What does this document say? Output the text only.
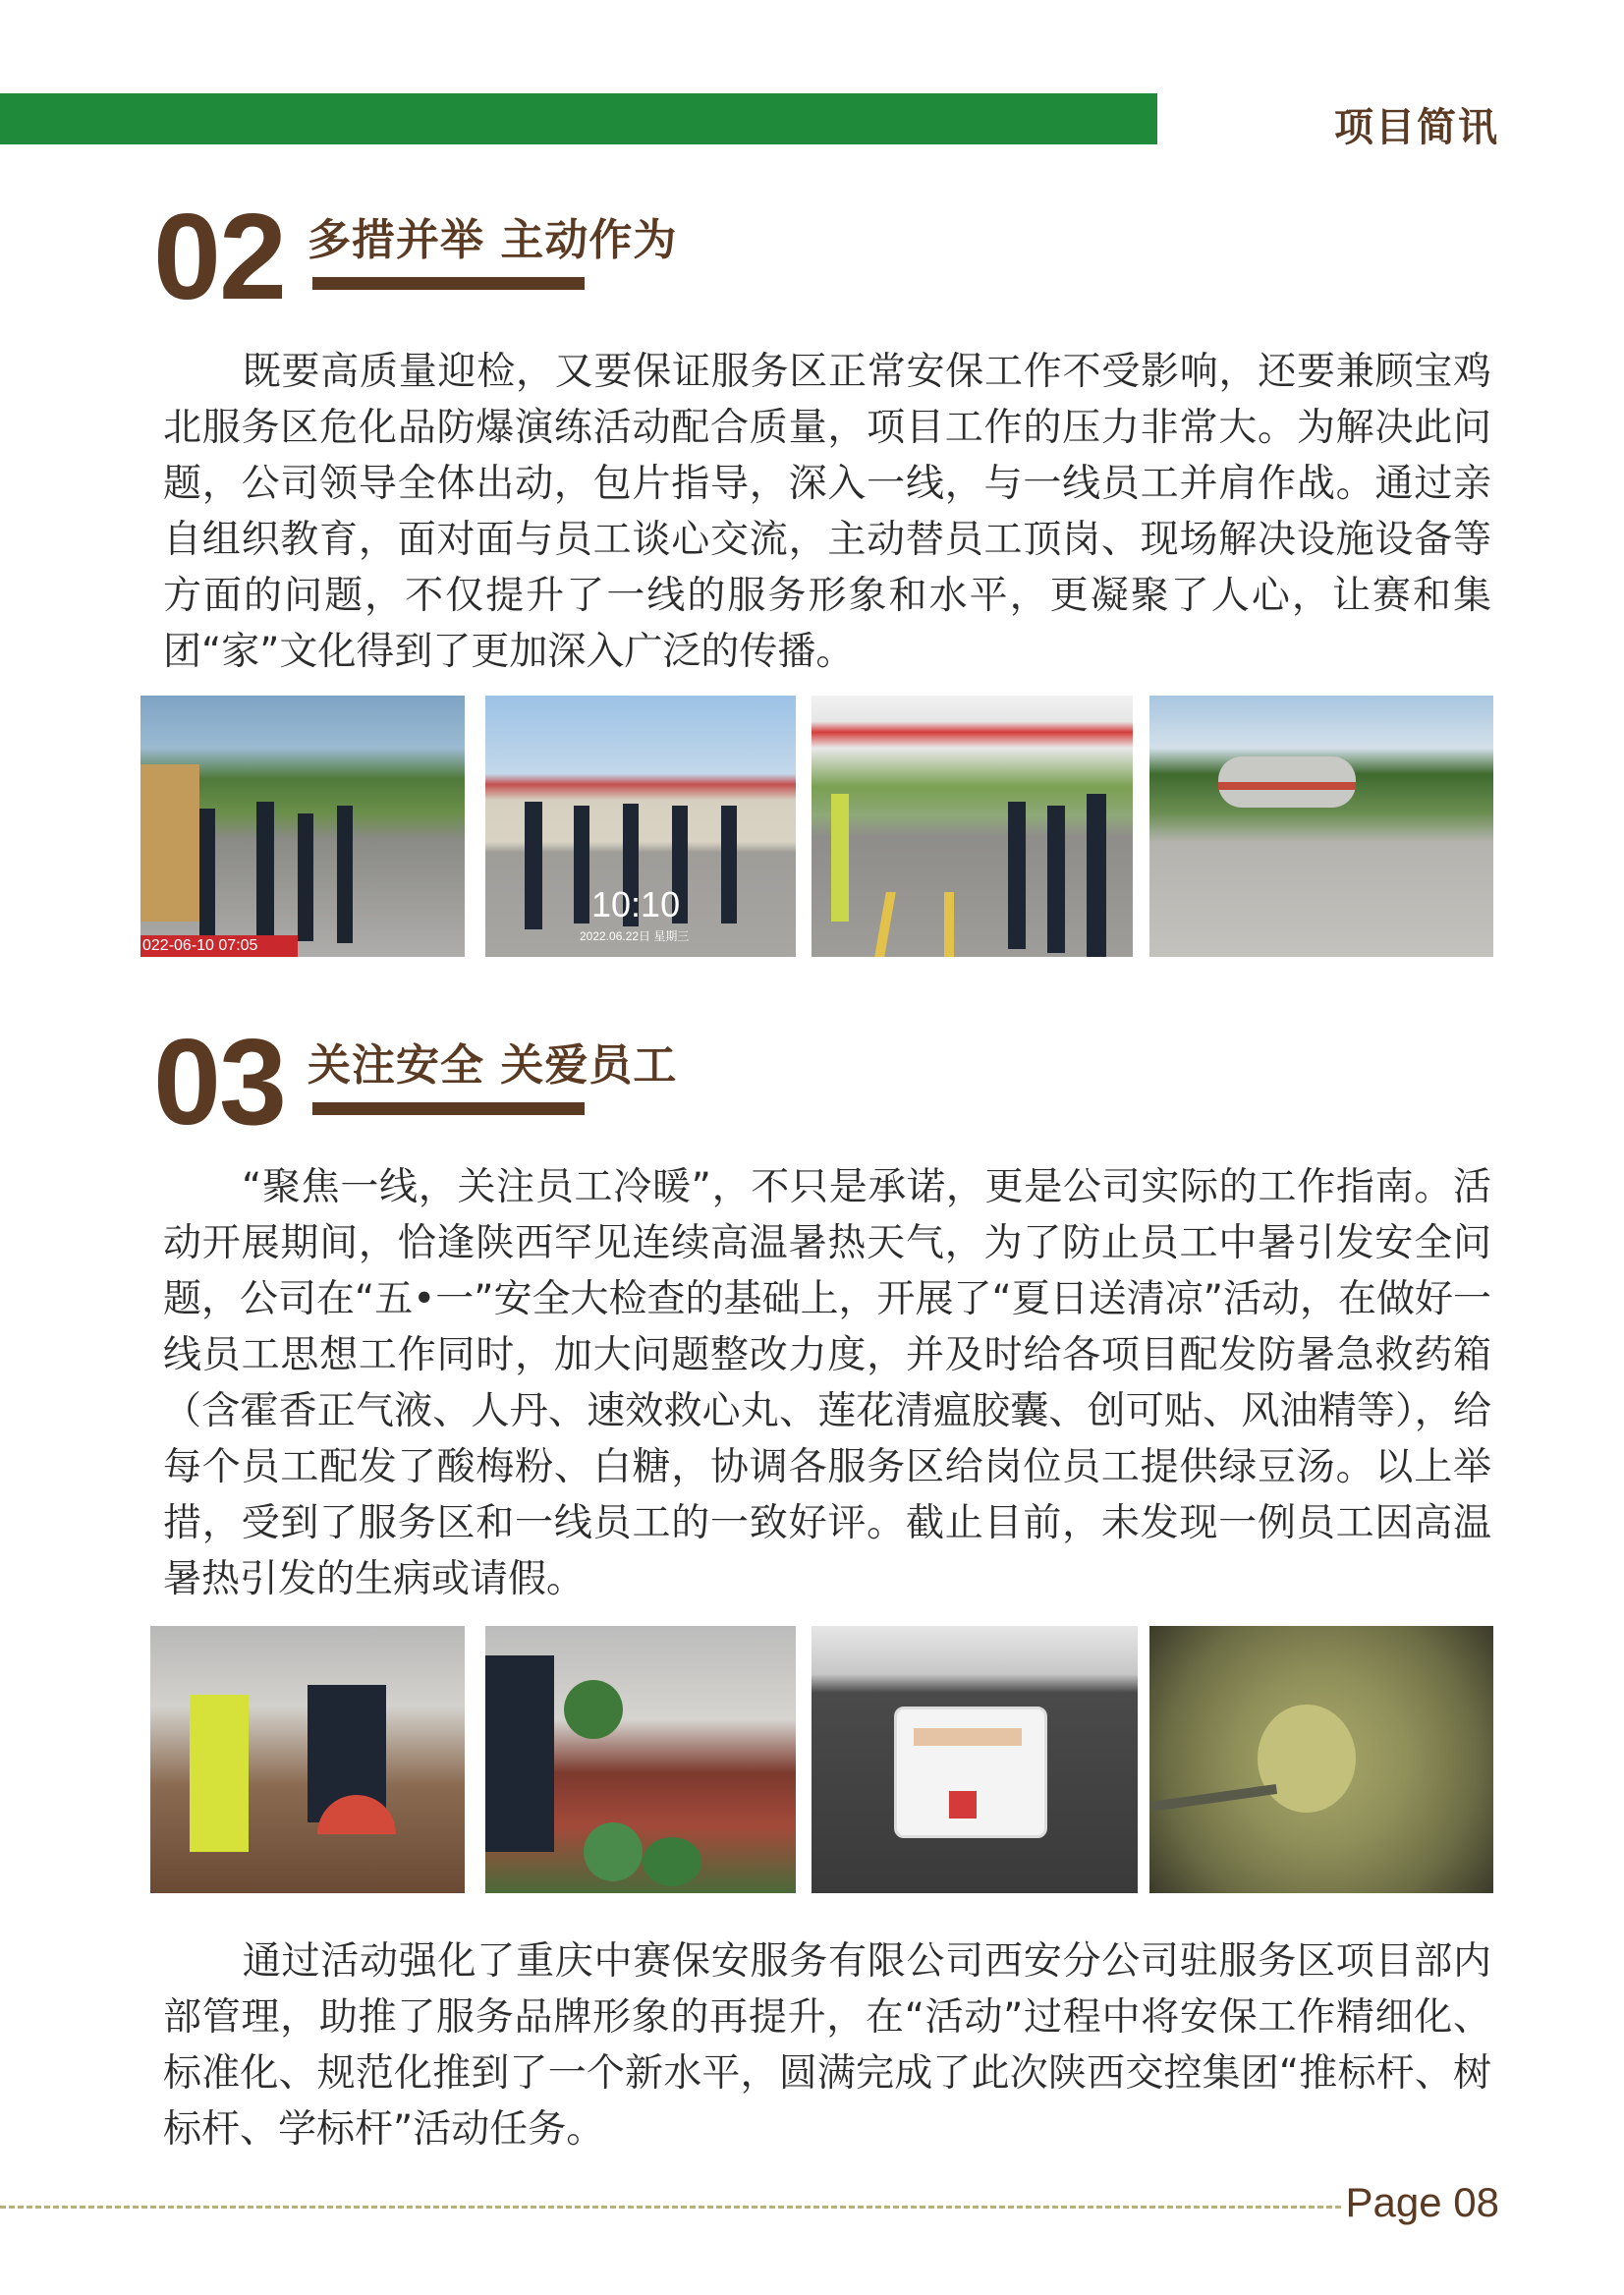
项目简讯
02 多措并举 主动作为
既要高质量迎检，又要保证服务区正常安保工作不受影响，还要兼顾宝鸡北服务区危化品防爆演练活动配合质量，项目工作的压力非常大。为解决此问题，公司领导全体出动，包片指导，深入一线，与一线员工并肩作战。通过亲自组织教育，面对面与员工谈心交流，主动替员工顶岗、现场解决设施设备等方面的问题，不仅提升了一线的服务形象和水平，更凝聚了人心，让赛和集团“家”文化得到了更加深入广泛的传播。
022-06-10 07:05
10:10
2022.06.22日 星期三
03 关注安全 关爱员工
“聚焦一线，关注员工冷暖”，不只是承诺，更是公司实际的工作指南。活动开展期间，恰逢陕西罕见连续高温暑热天气，为了防止员工中暑引发安全问题，公司在“五•一”安全大检查的基础上，开展了“夏日送清凉”活动，在做好一线员工思想工作同时，加大问题整改力度，并及时给各项目配发防暑急救药箱（含霍香正气液、人丹、速效救心丸、莲花清瘟胶囊、创可贴、风油精等），给每个员工配发了酸梅粉、白糖，协调各服务区给岗位员工提供绿豆汤。以上举措，受到了服务区和一线员工的一致好评。截止目前，未发现一例员工因高温暑热引发的生病或请假。
通过活动强化了重庆中赛保安服务有限公司西安分公司驻服务区项目部内部管理，助推了服务品牌形象的再提升，在“活动”过程中将安保工作精细化、标准化、规范化推到了一个新水平，圆满完成了此次陕西交控集团“推标杆、树标杆、学标杆”活动任务。
Page 08
